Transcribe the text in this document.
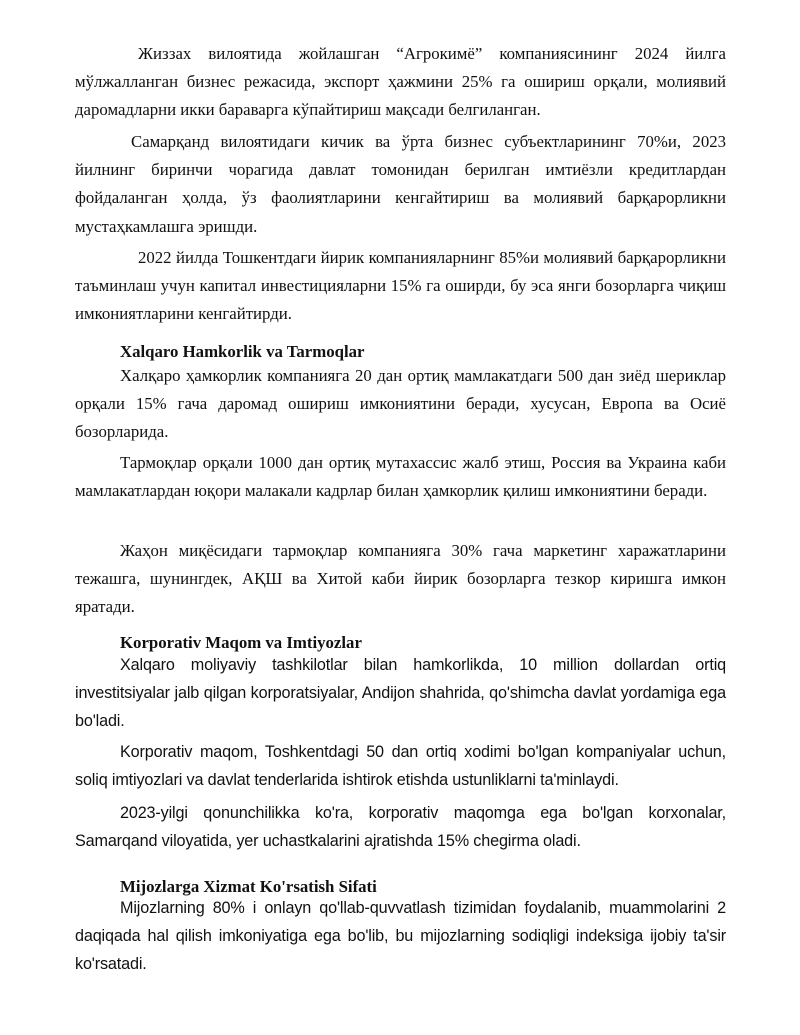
Жиззах вилоятида жойлашган “Агрокимё” компаниясининг 2024 йилга мўлжалланган бизнес режасида, экспорт ҳажмини 25% га ошириш орқали, молиявий даромадларни икки бараварга кўпайтириш мақсади белгиланган.

Самарқанд вилоятидаги кичик ва ўрта бизнес субъектларининг 70%и, 2023 йилнинг биринчи чорагида давлат томонидан берилган имтиёзли кредитлардан фойдаланган ҳолда, ўз фаолиятларини кенгайтириш ва молиявий барқарорликни мустаҳкамлашга эришди.

2022 йилда Тошкентдаги йирик компанияларнинг 85%и молиявий барқарорликни таъминлаш учун капитал инвестицияларни 15% га оширди, бу эса янги бозорларга чиқиш имкониятларини кенгайтирди.

Xalqaro Hamkorlik va Tarmoqlar

Халқаро ҳамкорлик компанияга 20 дан ортиқ мамлакатдаги 500 дан зиёд шериклар орқали 15% гача даромад ошириш имкониятини беради, хусусан, Европа ва Осиё бозорларида.

Тармоқлар орқали 1000 дан ортиқ мутахассис жалб этиш, Россия ва Украина каби мамлакатлардан юқори малакали кадрлар билан ҳамкорлик қилиш имкониятини беради.

Жаҳон миқёсидаги тармоқлар компанияга 30% гача маркетинг харажатларини тежашга, шунингдек, АҚШ ва Хитой каби йирик бозорларга тезкор киришга имкон яратади.

Korporativ Maqom va Imtiyozlar

Xalqaro moliyaviy tashkilotlar bilan hamkorlikda, 10 million dollardan ortiq investitsiyalar jalb qilgan korporatsiyalar, Andijon shahrida, qo'shimcha davlat yordamiga ega bo'ladi.

Korporativ maqom, Toshkentdagi 50 dan ortiq xodimi bo'lgan kompaniyalar uchun, soliq imtiyozlari va davlat tenderlarida ishtirok etishda ustunliklarni ta'minlaydi.

2023-yilgi qonunchilikka ko'ra, korporativ maqomga ega bo'lgan korxonalar, Samarqand viloyatida, yer uchastkalarini ajratishda 15% chegirma oladi.

Mijozlarga Xizmat Ko'rsatish Sifati

Mijozlarning 80% i onlayn qo'llab-quvvatlash tizimidan foydalanib, muammolarini 2 daqiqada hal qilish imkoniyatiga ega bo'lib, bu mijozlarning sodiqligi indeksiga ijobiy ta'sir ko'rsatadi.
